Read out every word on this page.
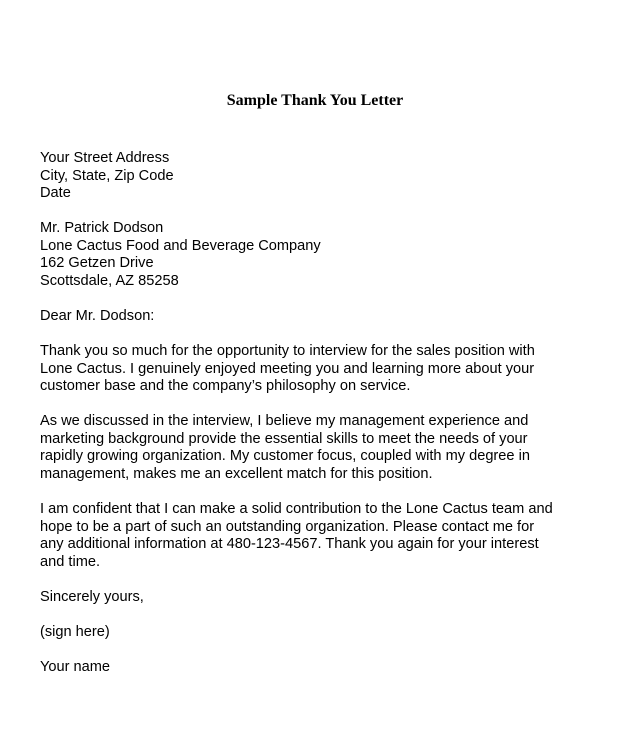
Sample Thank You Letter
Your Street Address
City, State, Zip Code
Date
Mr. Patrick Dodson
Lone Cactus Food and Beverage Company
162 Getzen Drive
Scottsdale, AZ 85258
Dear Mr. Dodson:
Thank you so much for the opportunity to interview for the sales position with
Lone Cactus. I genuinely enjoyed meeting you and learning more about your
customer base and the company’s philosophy on service.
As we discussed in the interview, I believe my management experience and
marketing background provide the essential skills to meet the needs of your
rapidly growing organization. My customer focus, coupled with my degree in
management, makes me an excellent match for this position.
I am confident that I can make a solid contribution to the Lone Cactus team and
hope to be a part of such an outstanding organization. Please contact me for
any additional information at 480-123-4567. Thank you again for your interest
and time.
Sincerely yours,
(sign here)
Your name
